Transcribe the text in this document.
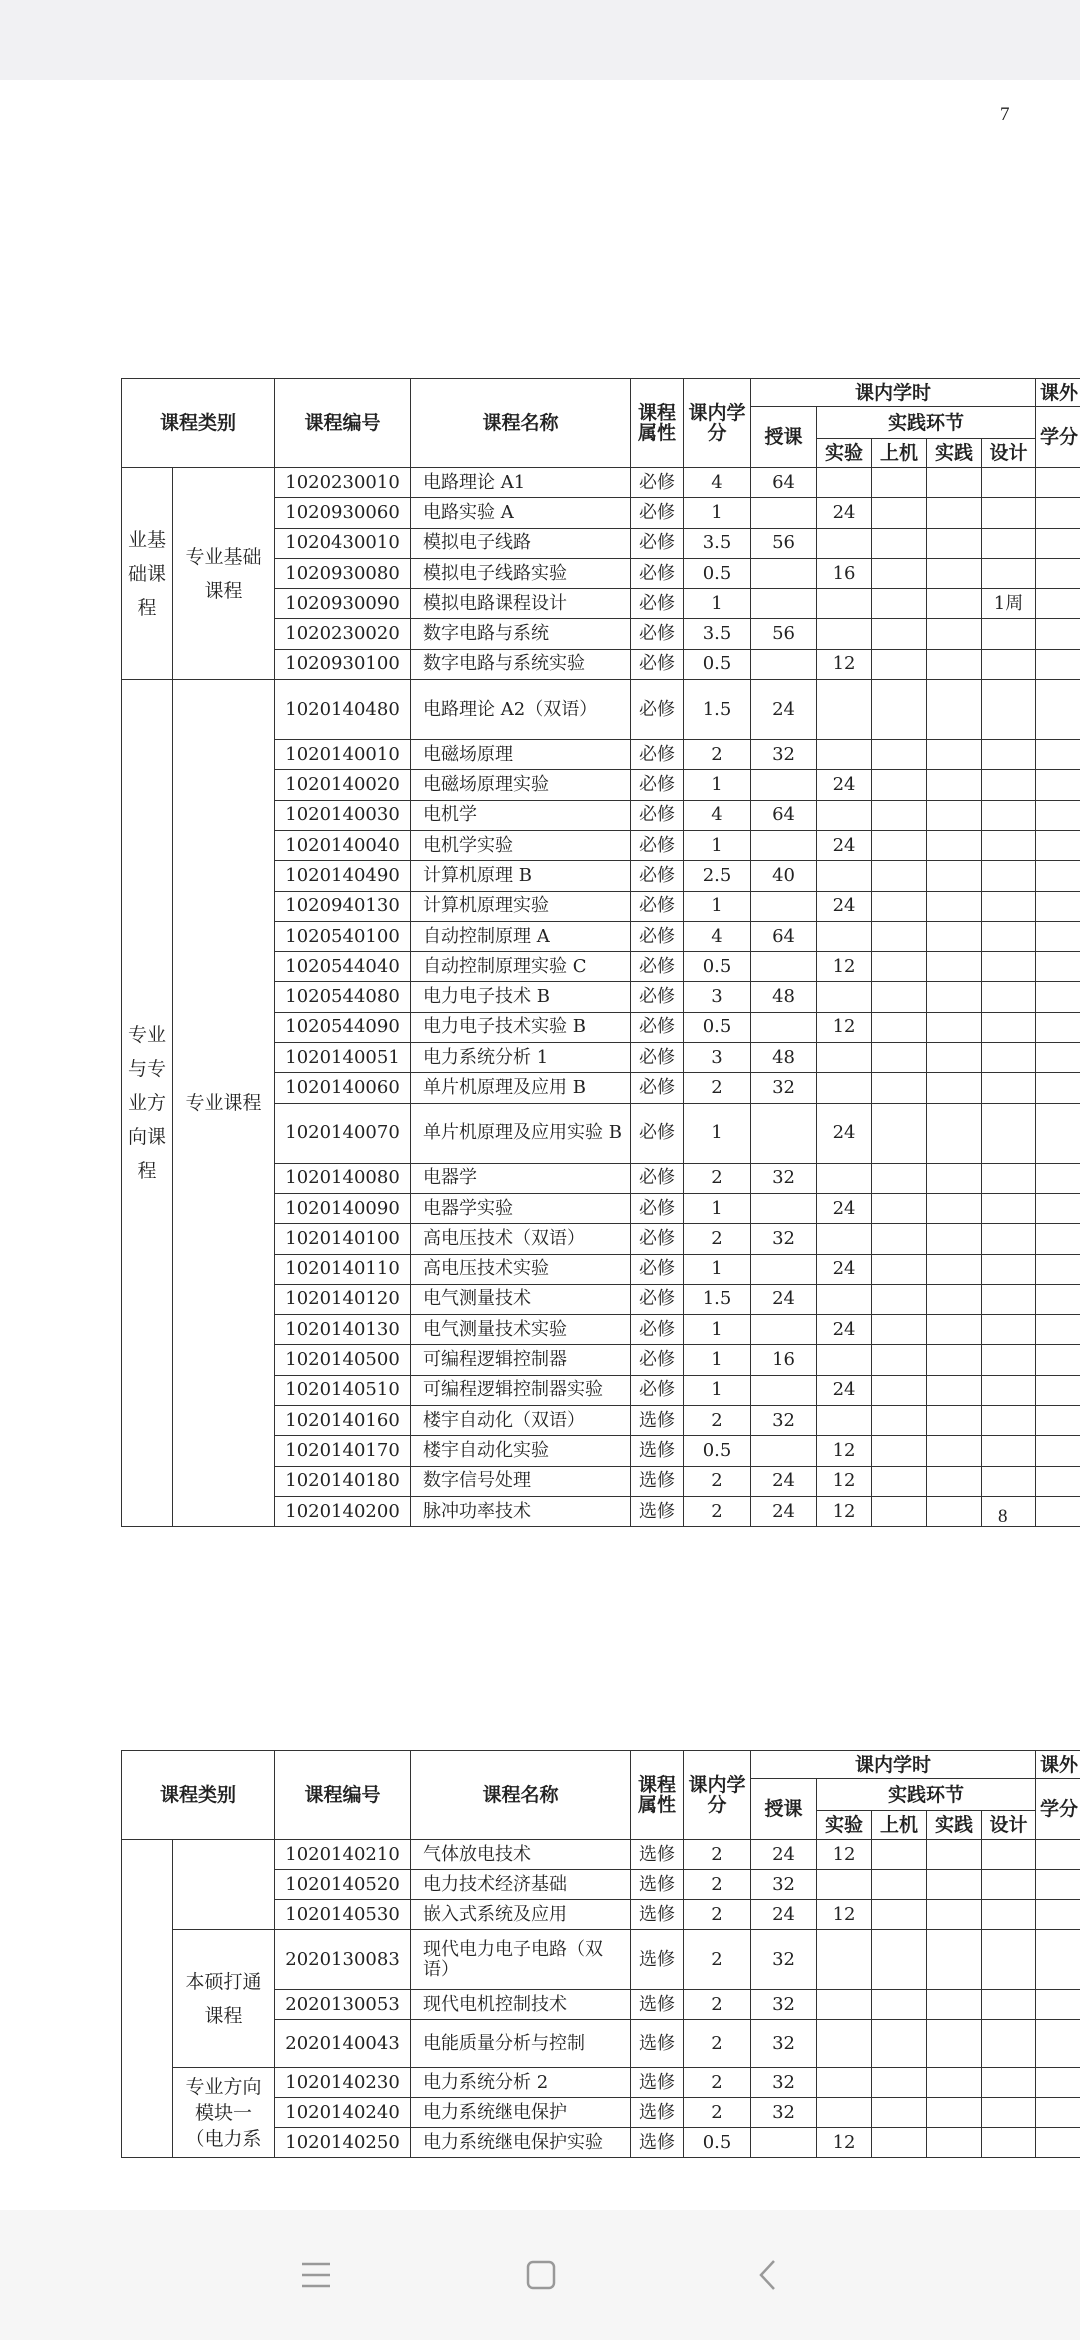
7
课程类别		课程编号	课程名称	课程属性	课内学分	课内学时					课外
						授课	实践环节				学分
							实验	上机	实践	设计	
业基础课程	专业基础课程	1020230010	电路理论 A1	必修	4	64					
		1020930060	电路实验 A	必修	1		24				
		1020430010	模拟电子线路	必修	3.5	56					
		1020930080	模拟电子线路实验	必修	0.5		16				
		1020930090	模拟电路课程设计	必修	1					1周	
		1020230020	数字电路与系统	必修	3.5	56					
		1020930100	数字电路与系统实验	必修	0.5		12				
专业与专业方向课程	专业课程	1020140480	电路理论 A2（双语）	必修	1.5	24					
		1020140010	电磁场原理	必修	2	32					
		1020140020	电磁场原理实验	必修	1		24				
		1020140030	电机学	必修	4	64					
		1020140040	电机学实验	必修	1		24				
		1020140490	计算机原理 B	必修	2.5	40					
		1020940130	计算机原理实验	必修	1		24				
		1020540100	自动控制原理 A	必修	4	64					
		1020544040	自动控制原理实验 C	必修	0.5		12				
		1020544080	电力电子技术 B	必修	3	48					
		1020544090	电力电子技术实验 B	必修	0.5		12				
		1020140051	电力系统分析 1	必修	3	48					
		1020140060	单片机原理及应用 B	必修	2	32					
		1020140070	单片机原理及应用实验 B	必修	1		24				
		1020140080	电器学	必修	2	32					
		1020140090	电器学实验	必修	1		24				
		1020140100	高电压技术（双语）	必修	2	32					
		1020140110	高电压技术实验	必修	1		24				
		1020140120	电气测量技术	必修	1.5	24					
		1020140130	电气测量技术实验	必修	1		24				
		1020140500	可编程逻辑控制器	必修	1	16					
		1020140510	可编程逻辑控制器实验	必修	1		24				
		1020140160	楼宇自动化（双语）	选修	2	32					
		1020140170	楼宇自动化实验	选修	0.5		12				
		1020140180	数字信号处理	选修	2	24	12				
		1020140200	脉冲功率技术	选修	2	24	12					8
课程类别		课程编号	课程名称	课程属性	课内学分	课内学时					课外
						授课	实践环节				学分
							实验	上机	实践	设计	
		1020140210	气体放电技术	选修	2	24	12				
		1020140520	电力技术经济基础	选修	2	32					
		1020140530	嵌入式系统及应用	选修	2	24	12				
	本硕打通课程	2020130083	现代电力电子电路（双语）	选修	2	32					
		2020130053	现代电机控制技术	选修	2	32					
		2020140043	电能质量分析与控制	选修	2	32					
	专业方向模块一（电力系	1020140230	电力系统分析 2	选修	2	32					
		1020140240	电力系统继电保护	选修	2	32					
		1020140250	电力系统继电保护实验	选修	0.5		12				
